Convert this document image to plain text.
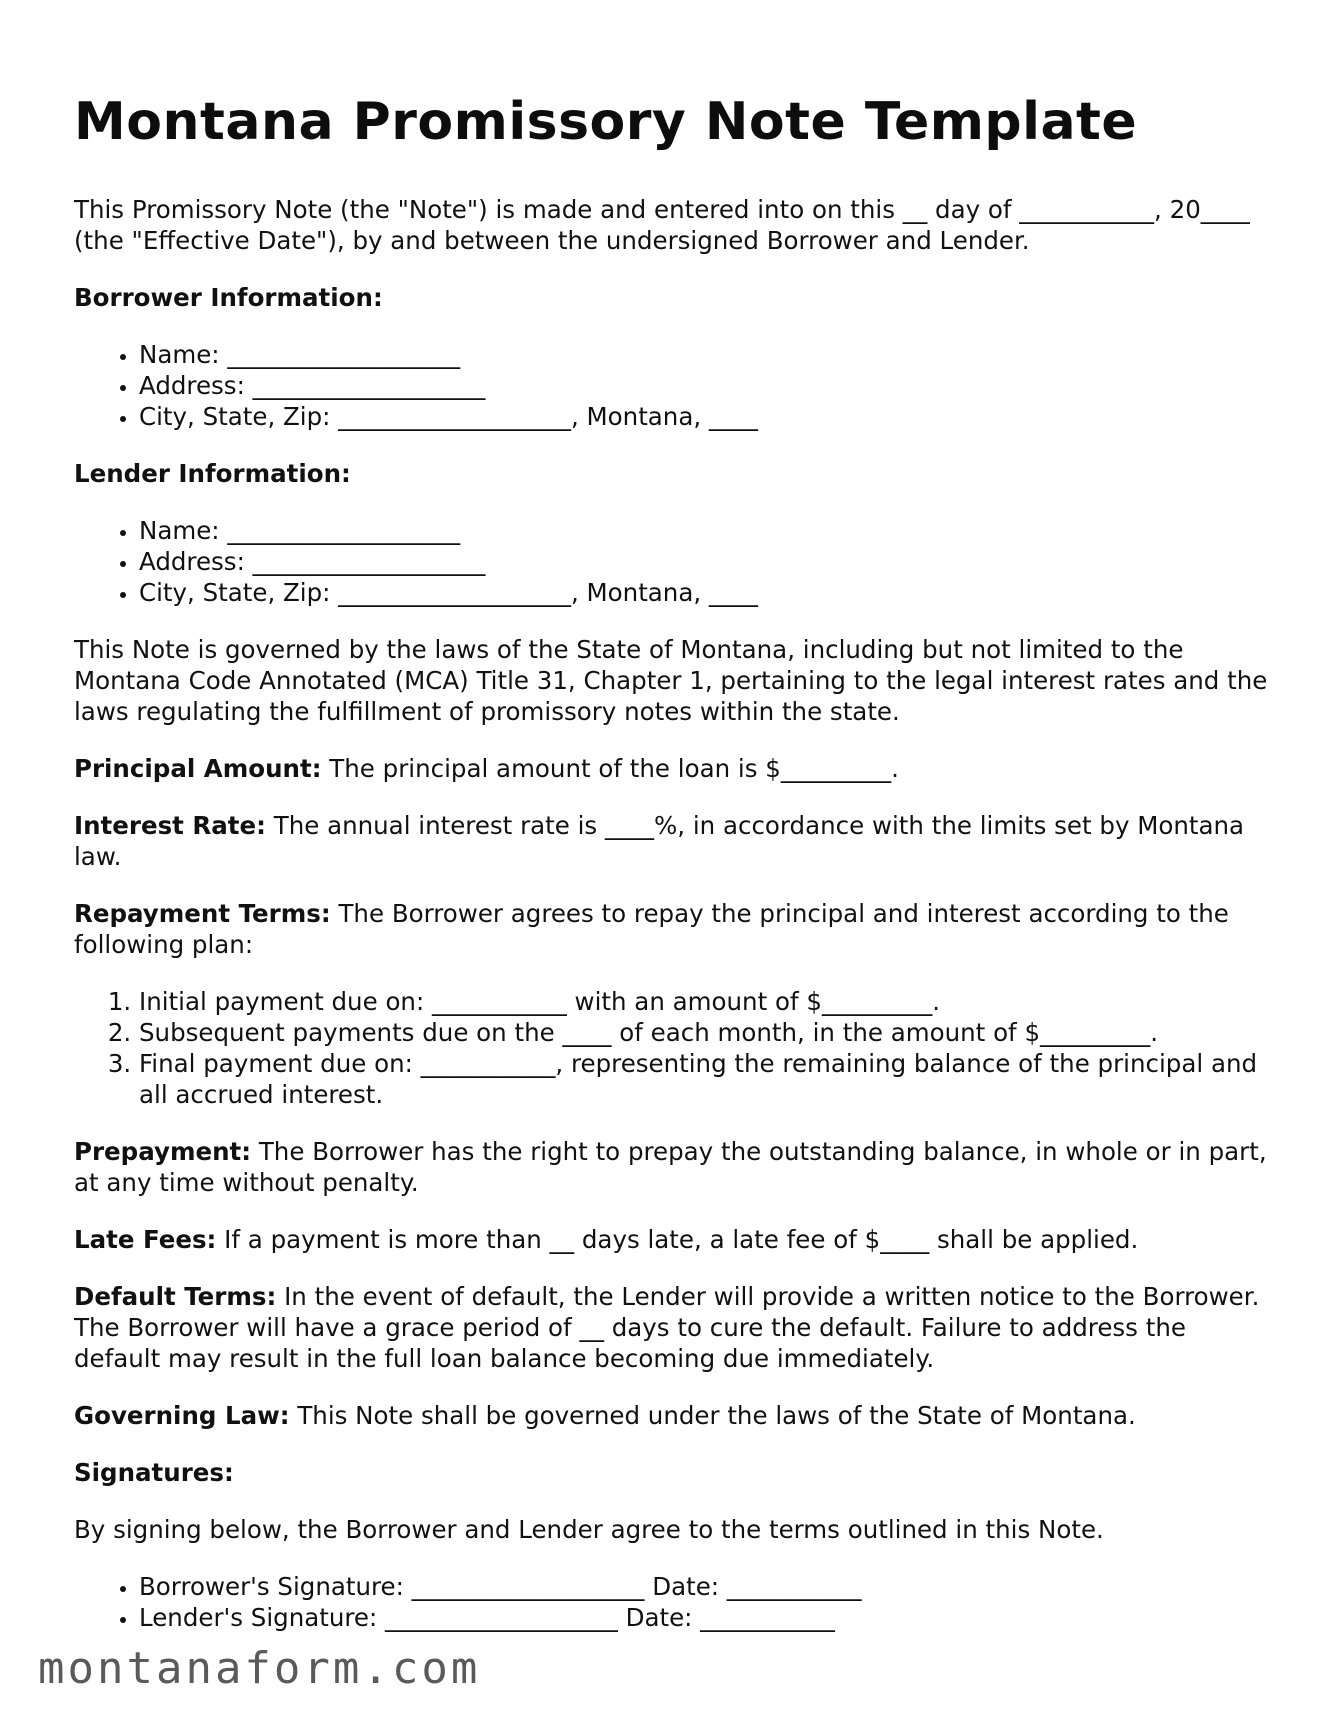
Montana Promissory Note Template

This Promissory Note (the "Note") is made and entered into on this __ day of ___________, 20____ (the "Effective Date"), by and between the undersigned Borrower and Lender.

Borrower Information:

• Name: ___________________
• Address: ___________________
• City, State, Zip: ___________________, Montana, ____

Lender Information:

• Name: ___________________
• Address: ___________________
• City, State, Zip: ___________________, Montana, ____

This Note is governed by the laws of the State of Montana, including but not limited to the Montana Code Annotated (MCA) Title 31, Chapter 1, pertaining to the legal interest rates and the laws regulating the fulfillment of promissory notes within the state.

Principal Amount: The principal amount of the loan is $_________.

Interest Rate: The annual interest rate is ____%, in accordance with the limits set by Montana law.

Repayment Terms: The Borrower agrees to repay the principal and interest according to the following plan:

1. Initial payment due on: ___________ with an amount of $_________.
2. Subsequent payments due on the ____ of each month, in the amount of $_________.
3. Final payment due on: ___________, representing the remaining balance of the principal and all accrued interest.

Prepayment: The Borrower has the right to prepay the outstanding balance, in whole or in part, at any time without penalty.

Late Fees: If a payment is more than __ days late, a late fee of $____ shall be applied.

Default Terms: In the event of default, the Lender will provide a written notice to the Borrower. The Borrower will have a grace period of __ days to cure the default. Failure to address the default may result in the full loan balance becoming due immediately.

Governing Law: This Note shall be governed under the laws of the State of Montana.

Signatures:

By signing below, the Borrower and Lender agree to the terms outlined in this Note.

• Borrower's Signature: ___________________ Date: ___________
• Lender's Signature: ___________________ Date: ___________
montanaform.com
